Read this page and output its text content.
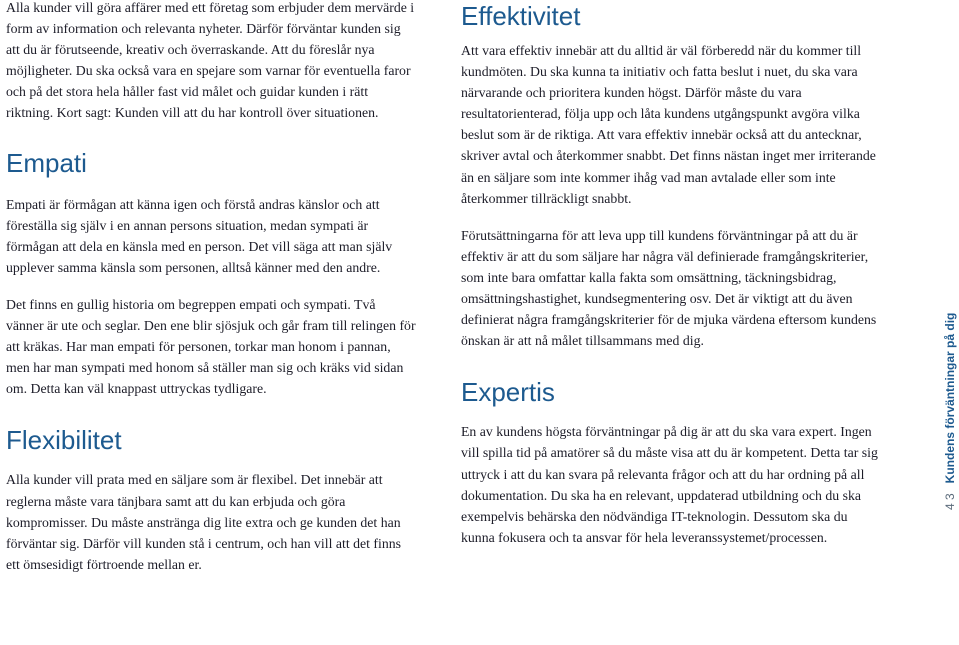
Alla kunder vill göra affärer med ett företag som erbjuder dem mervärde i form av information och relevanta nyheter. Därför förväntar kunden sig att du är förutseende, kreativ och överraskande. Att du föreslår nya möjligheter. Du ska också vara en spejare som varnar för eventuella faror och på det stora hela håller fast vid målet och guidar kunden i rätt riktning. Kort sagt: Kunden vill att du har kontroll över situationen.

Empati

Empati är förmågan att känna igen och förstå andras känslor och att föreställa sig själv i en annan persons situation, medan sympati är förmågan att dela en känsla med en person. Det vill säga att man själv upplever samma känsla som personen, alltså känner med den andre.

Det finns en gullig historia om begreppen empati och sympati. Två vänner är ute och seglar. Den ene blir sjösjuk och går fram till relingen för att kräkas. Har man empati för personen, torkar man honom i pannan, men har man sympati med honom så ställer man sig och kräks vid sidan om. Detta kan väl knappast uttryckas tydligare.

Flexibilitet

Alla kunder vill prata med en säljare som är flexibel. Det innebär att reglerna måste vara tänjbara samt att du kan erbjuda och göra kompromisser. Du måste anstränga dig lite extra och ge kunden det han förväntar sig. Därför vill kunden stå i centrum, och han vill att det finns ett ömsesidigt förtroende mellan er.

Effektivitet

Att vara effektiv innebär att du alltid är väl förberedd när du kommer till kundmöten. Du ska kunna ta initiativ och fatta beslut i nuet, du ska vara närvarande och prioritera kunden högst. Därför måste du vara resultatorienterad, följa upp och låta kundens utgångspunkt avgöra vilka beslut som är de riktiga. Att vara effektiv innebär också att du antecknar, skriver avtal och återkommer snabbt. Det finns nästan inget mer irriterande än en säljare som inte kommer ihåg vad man avtalade eller som inte återkommer tillräckligt snabbt.

Förutsättningarna för att leva upp till kundens förväntningar på att du är effektiv är att du som säljare har några väl definierade framgångskriterier, som inte bara omfattar kalla fakta som omsättning, täckningsbidrag, omsättningshastighet, kundsegmentering osv. Det är viktigt att du även definierat några framgångskriterier för de mjuka värdena eftersom kundens önskan är att nå målet tillsammans med dig.

Expertis

En av kundens högsta förväntningar på dig är att du ska vara expert. Ingen vill spilla tid på amatörer så du måste visa att du är kompetent. Detta tar sig uttryck i att du kan svara på relevanta frågor och att du har ordning på all dokumentation. Du ska ha en relevant, uppdaterad utbildning och du ska exempelvis behärska den nödvändiga IT-teknologin. Dessutom ska du kunna fokusera och ta ansvar för hela leveranssystemet/processen.

4 3Kundens förväntningar på dig
